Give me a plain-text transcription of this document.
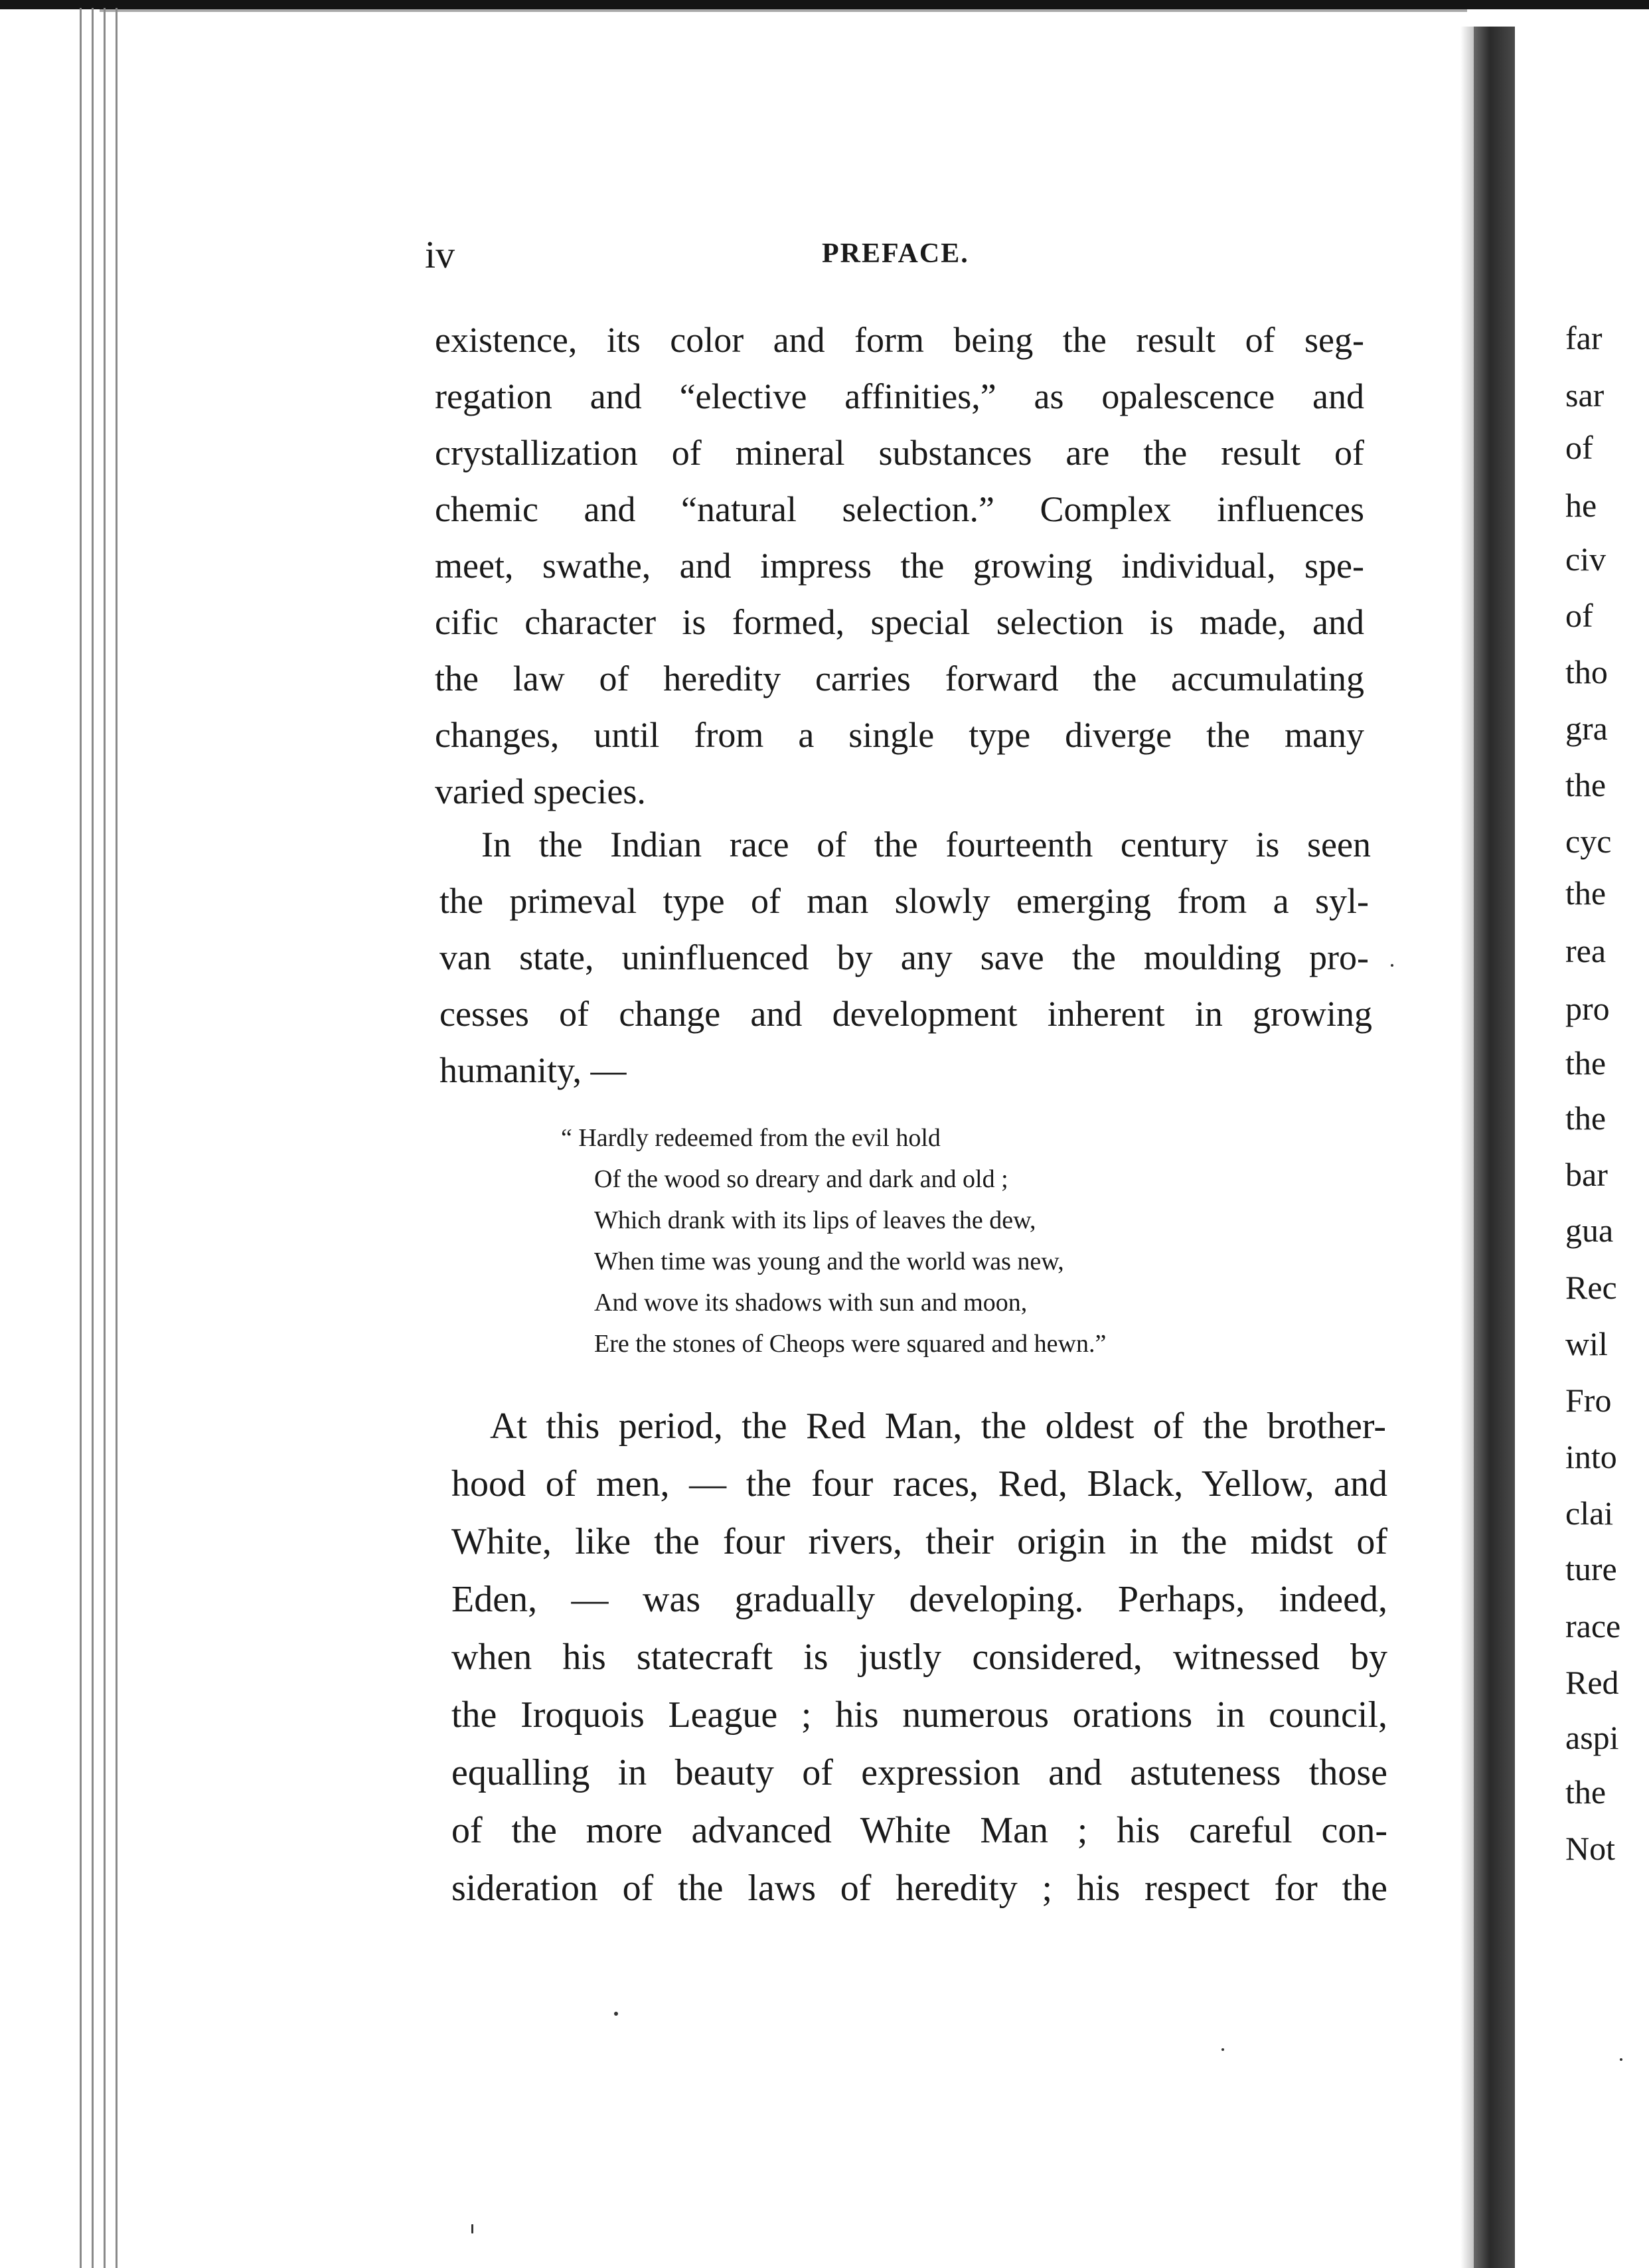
iv	PREFACE.
existence, its color and form being the result of seg-
regation and “elective affinities,” as opalescence and
crystallization of mineral substances are the result of
chemic and “natural selection.” Complex influences
meet, swathe, and impress the growing individual, spe-
cific character is formed, special selection is made, and
the law of heredity carries forward the accumulating
changes, until from a single type diverge the many
varied species.
In the Indian race of the fourteenth century is seen
the primeval type of man slowly emerging from a syl-
van state, uninfluenced by any save the moulding pro-
cesses of change and development inherent in growing
humanity, —
“ Hardly redeemed from the evil hold
Of the wood so dreary and dark and old ;
Which drank with its lips of leaves the dew,
When time was young and the world was new,
And wove its shadows with sun and moon,
Ere the stones of Cheops were squared and hewn.”
At this period, the Red Man, the oldest of the brother-
hood of men, — the four races, Red, Black, Yellow, and
White, like the four rivers, their origin in the midst of
Eden, — was gradually developing. Perhaps, indeed,
when his statecraft is justly considered, witnessed by
the Iroquois League ; his numerous orations in council,
equalling in beauty of expression and astuteness those
of the more advanced White Man ; his careful con-
sideration of the laws of heredity ; his respect for the
far
sar
of
he
civ
of
tho
gra
the
cyc
the
rea
pro
the
the
bar
gua
Rec
wil
Fro
into
clai
ture
race
Red
aspi
the
Not
